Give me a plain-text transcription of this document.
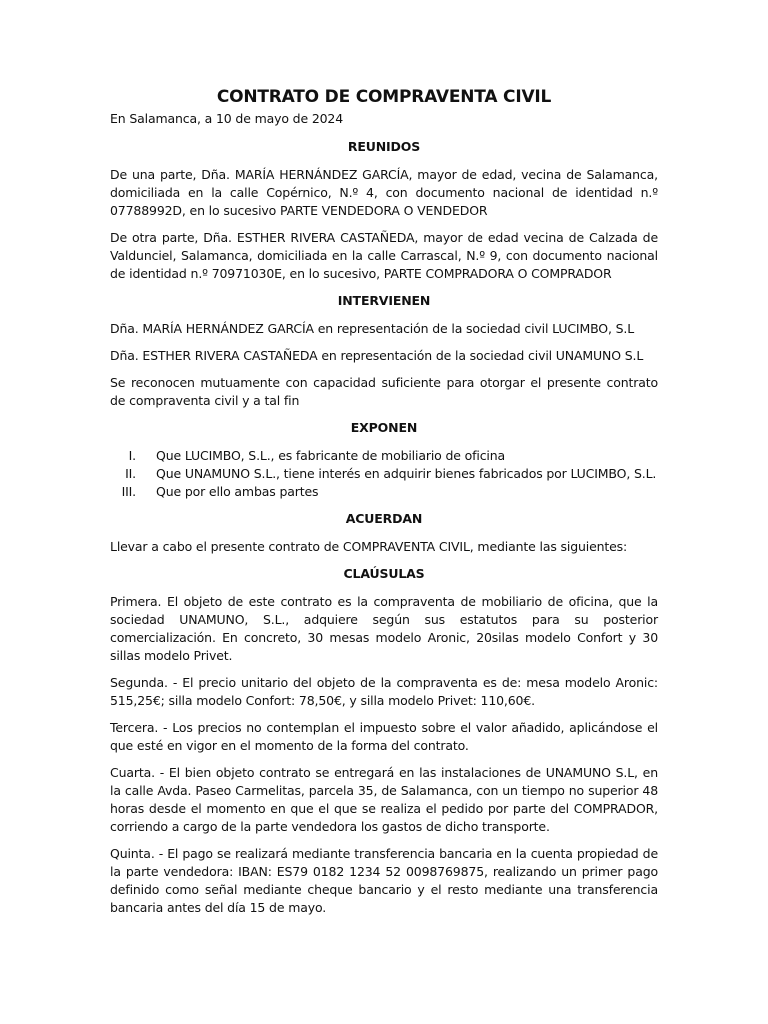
CONTRATO DE COMPRAVENTA CIVIL
En Salamanca, a 10 de mayo de 2024
REUNIDOS

De una parte, Dña. MARÍA HERNÁNDEZ GARCÍA, mayor de edad, vecina de Salamanca, domiciliada en la calle Copérnico, N.º 4, con documento nacional de identidad n.º 07788992D, en lo sucesivo PARTE VENDEDORA O VENDEDOR

De otra parte, Dña. ESTHER RIVERA CASTAÑEDA, mayor de edad vecina de Calzada de Valdunciel, Salamanca, domiciliada en la calle Carrascal, N.º 9, con documento nacional de identidad n.º 70971030E, en lo sucesivo, PARTE COMPRADORA O COMPRADOR

INTERVIENEN

Dña. MARÍA HERNÁNDEZ GARCÍA en representación de la sociedad civil LUCIMBO, S.L

Dña. ESTHER RIVERA CASTAÑEDA en representación de la sociedad civil UNAMUNO S.L

Se reconocen mutuamente con capacidad suficiente para otorgar el presente contrato de compraventa civil y a tal fin

EXPONEN
I. Que LUCIMBO, S.L., es fabricante de mobiliario de oficina
II. Que UNAMUNO S.L., tiene interés en adquirir bienes fabricados por LUCIMBO, S.L.
III. Que por ello ambas partes
ACUERDAN

Llevar a cabo el presente contrato de COMPRAVENTA CIVIL, mediante las siguientes:

CLAÚSULAS

Primera. El objeto de este contrato es la compraventa de mobiliario de oficina, que la sociedad UNAMUNO, S.L., adquiere según sus estatutos para su posterior comercialización. En concreto, 30 mesas modelo Aronic, 20silas modelo Confort y 30 sillas modelo Privet.

Segunda. - El precio unitario del objeto de la compraventa es de: mesa modelo Aronic: 515,25€; silla modelo Confort: 78,50€, y silla modelo Privet: 110,60€.

Tercera. - Los precios no contemplan el impuesto sobre el valor añadido, aplicándose el que esté en vigor en el momento de la forma del contrato.

Cuarta. - El bien objeto contrato se entregará en las instalaciones de UNAMUNO S.L, en la calle Avda. Paseo Carmelitas, parcela 35, de Salamanca, con un tiempo no superior 48 horas desde el momento en que el que se realiza el pedido por parte del COMPRADOR, corriendo a cargo de la parte vendedora los gastos de dicho transporte.

Quinta. - El pago se realizará mediante transferencia bancaria en la cuenta propiedad de la parte vendedora: IBAN: ES79 0182 1234 52 0098769875, realizando un primer pago definido como señal mediante cheque bancario y el resto mediante una transferencia bancaria antes del día 15 de mayo.
